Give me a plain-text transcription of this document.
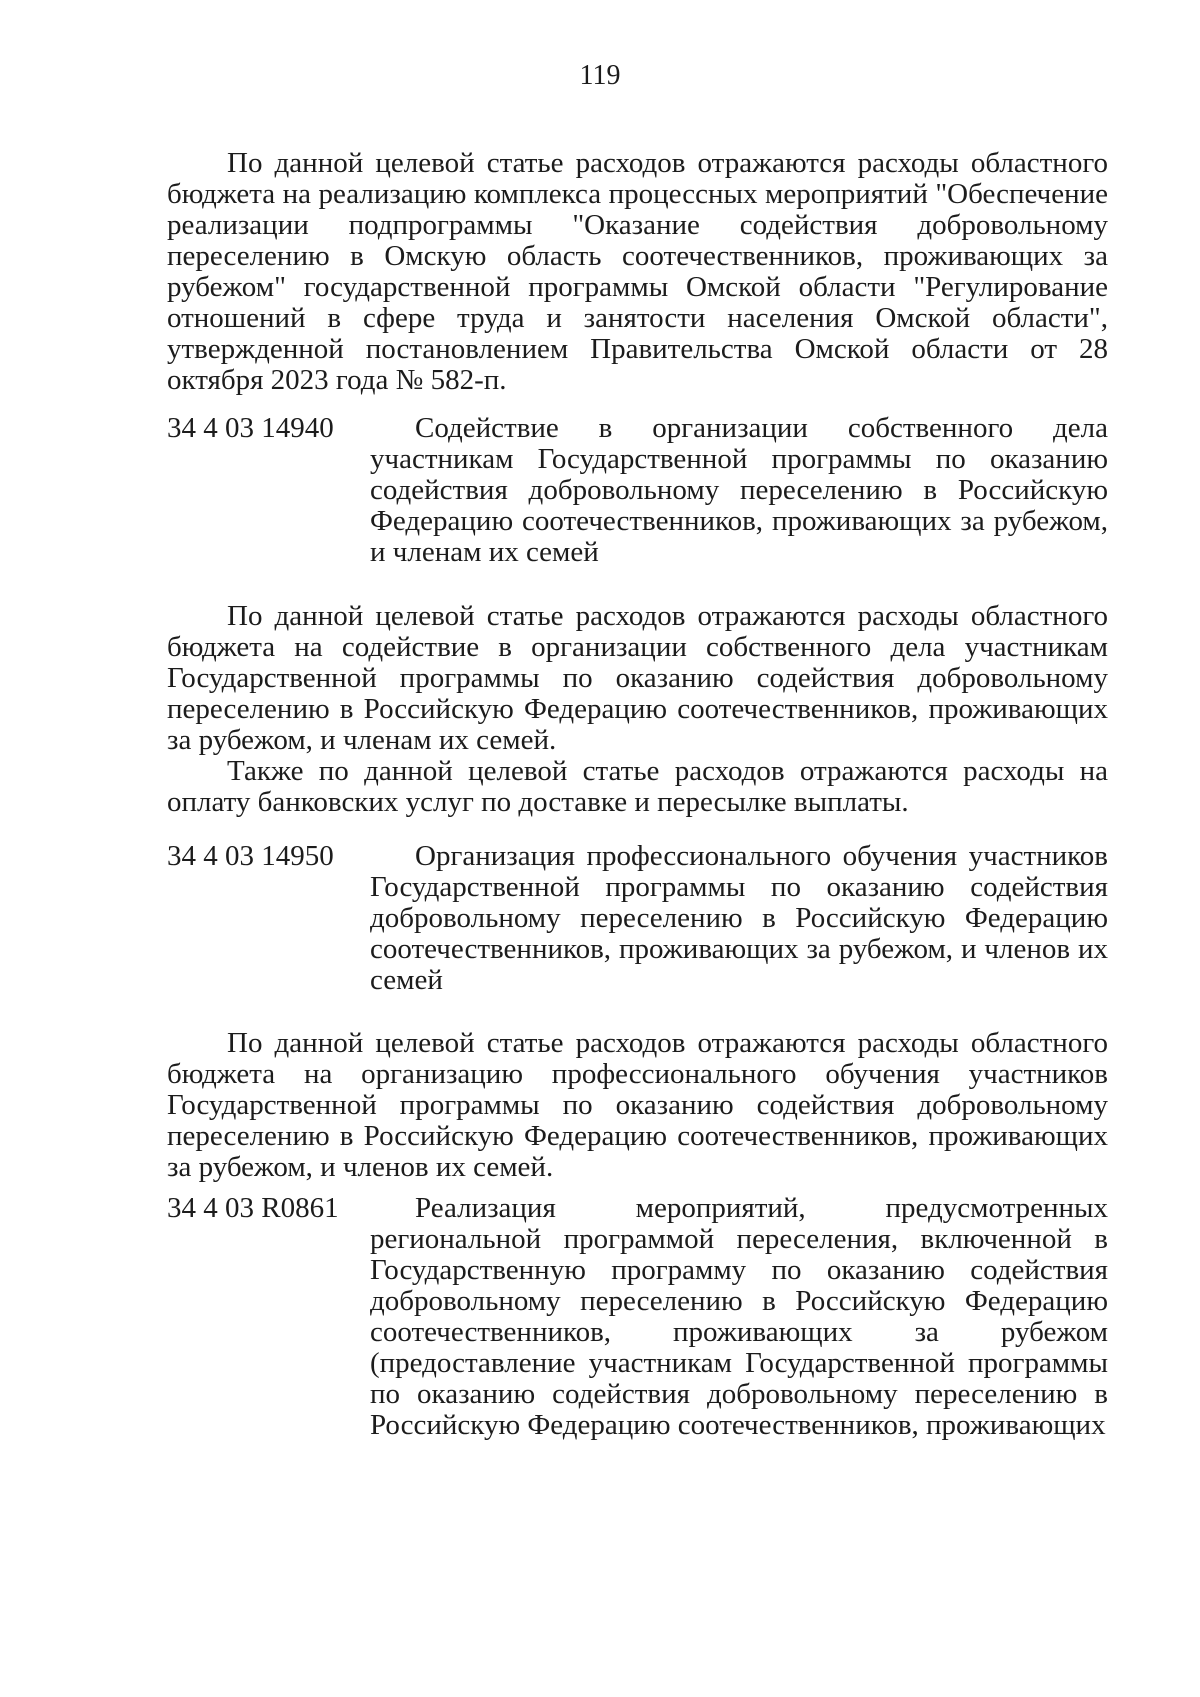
119

По данной целевой статье расходов отражаются расходы областного бюджета на реализацию комплекса процессных мероприятий "Обеспечение реализации подпрограммы "Оказание содействия добровольному переселению в Омскую область соотечественников, проживающих за рубежом" государственной программы Омской области "Регулирование отношений в сфере труда и занятости населения Омской области", утвержденной постановлением Правительства Омской области от 28 октября 2023 года № 582-п.

34 4 03 14940	Содействие в организации собственного дела участникам Государственной программы по оказанию содействия добровольному переселению в Российскую Федерацию соотечественников, проживающих за рубежом, и членам их семей

По данной целевой статье расходов отражаются расходы областного бюджета на содействие в организации собственного дела участникам Государственной программы по оказанию содействия добровольному переселению в Российскую Федерацию соотечественников, проживающих за рубежом, и членам их семей.

Также по данной целевой статье расходов отражаются расходы на оплату банковских услуг по доставке и пересылке выплаты.

34 4 03 14950	Организация профессионального обучения участников Государственной программы по оказанию содействия добровольному переселению в Российскую Федерацию соотечественников, проживающих за рубежом, и членов их семей

По данной целевой статье расходов отражаются расходы областного бюджета на организацию профессионального обучения участников Государственной программы по оказанию содействия добровольному переселению в Российскую Федерацию соотечественников, проживающих за рубежом, и членов их семей.

34 4 03 R0861	Реализация мероприятий, предусмотренных региональной программой переселения, включенной в Государственную программу по оказанию содействия добровольному переселению в Российскую Федерацию соотечественников, проживающих за рубежом (предоставление участникам Государственной программы по оказанию содействия добровольному переселению в Российскую Федерацию соотечественников, проживающих
